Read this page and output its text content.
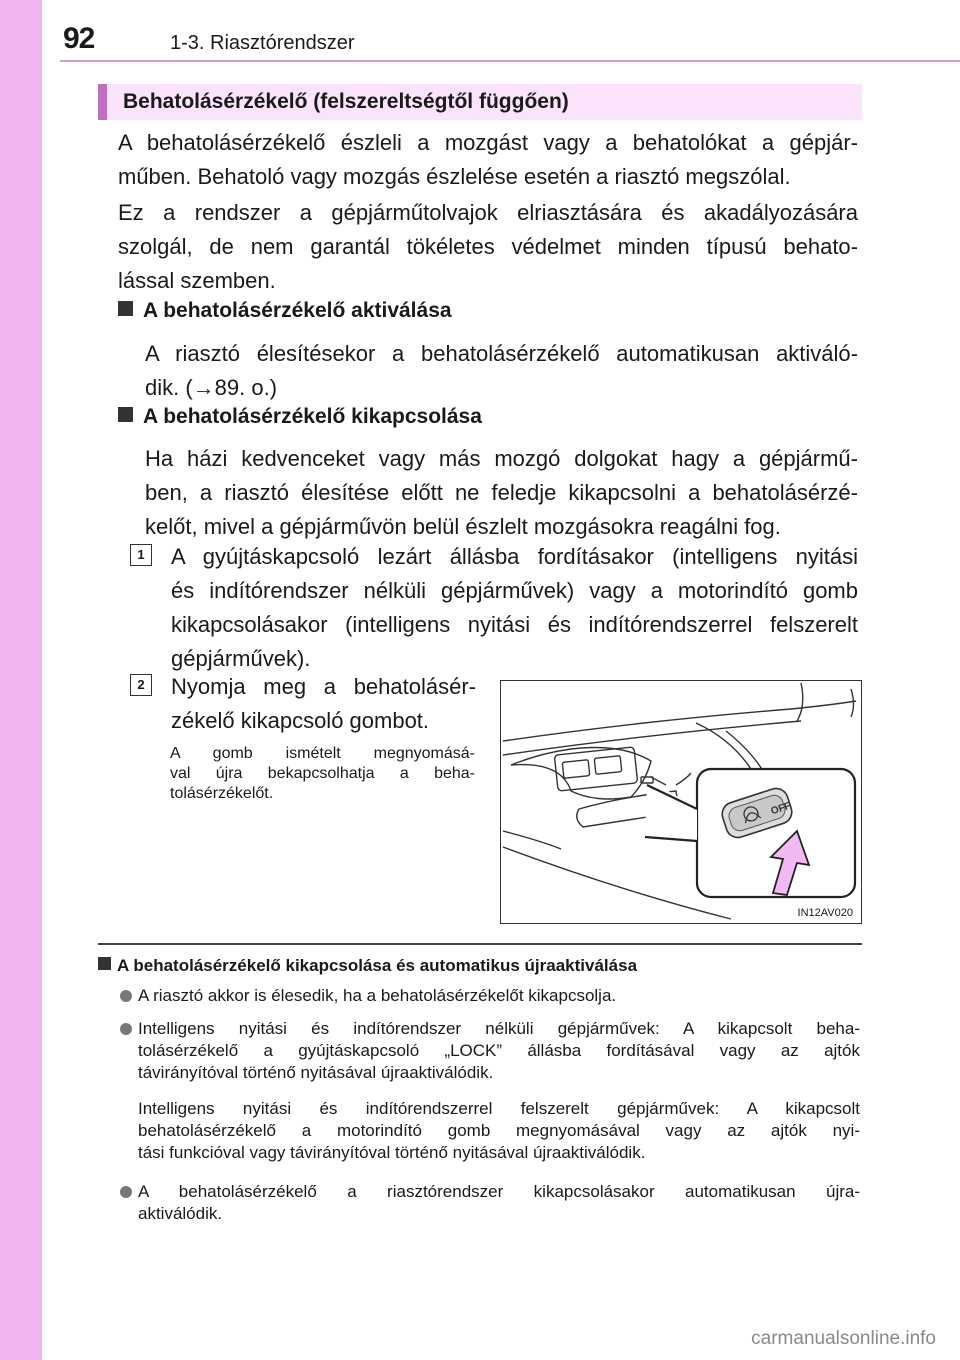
92	1-3. Riasztórendszer
Behatolásérzékelő (felszereltségtől függően)
A behatolásérzékelő észleli a mozgást vagy a behatolókat a gépjár-
műben. Behatoló vagy mozgás észlelése esetén a riasztó megszólal.
Ez a rendszer a gépjárműtolvajok elriasztására és akadályozására
szolgál, de nem garantál tökéletes védelmet minden típusú behato-
lással szemben.
A behatolásérzékelő aktiválása
A riasztó élesítésekor a behatolásérzékelő automatikusan aktiváló-
dik. (→89. o.)
A behatolásérzékelő kikapcsolása
Ha házi kedvenceket vagy más mozgó dolgokat hagy a gépjármű-
ben, a riasztó élesítése előtt ne feledje kikapcsolni a behatolásérzé-
kelőt, mivel a gépjárművön belül észlelt mozgásokra reagálni fog.
1	A gyújtáskapcsoló lezárt állásba fordításakor (intelligens nyitási
és indítórendszer nélküli gépjárművek) vagy a motorindító gomb
kikapcsolásakor (intelligens nyitási és indítórendszerrel felszerelt
gépjárművek).
2	Nyomja meg a behatolásér-
zékelő kikapcsoló gombot.
A gomb ismételt megnyomásá-
val újra bekapcsolhatja a beha-
tolásérzékelőt.
OFF
IN12AV020
A behatolásérzékelő kikapcsolása és automatikus újraaktiválása
A riasztó akkor is élesedik, ha a behatolásérzékelőt kikapcsolja.
Intelligens nyitási és indítórendszer nélküli gépjárművek: A kikapcsolt beha-
tolásérzékelő a gyújtáskapcsoló „LOCK” állásba fordításával vagy az ajtók
távirányítóval történő nyitásával újraaktiválódik.
Intelligens nyitási és indítórendszerrel felszerelt gépjárművek: A kikapcsolt
behatolásérzékelő a motorindító gomb megnyomásával vagy az ajtók nyi-
tási funkcióval vagy távirányítóval történő nyitásával újraaktiválódik.
A behatolásérzékelő a riasztórendszer kikapcsolásakor automatikusan újra-
aktiválódik.
carmanualsonline.info
